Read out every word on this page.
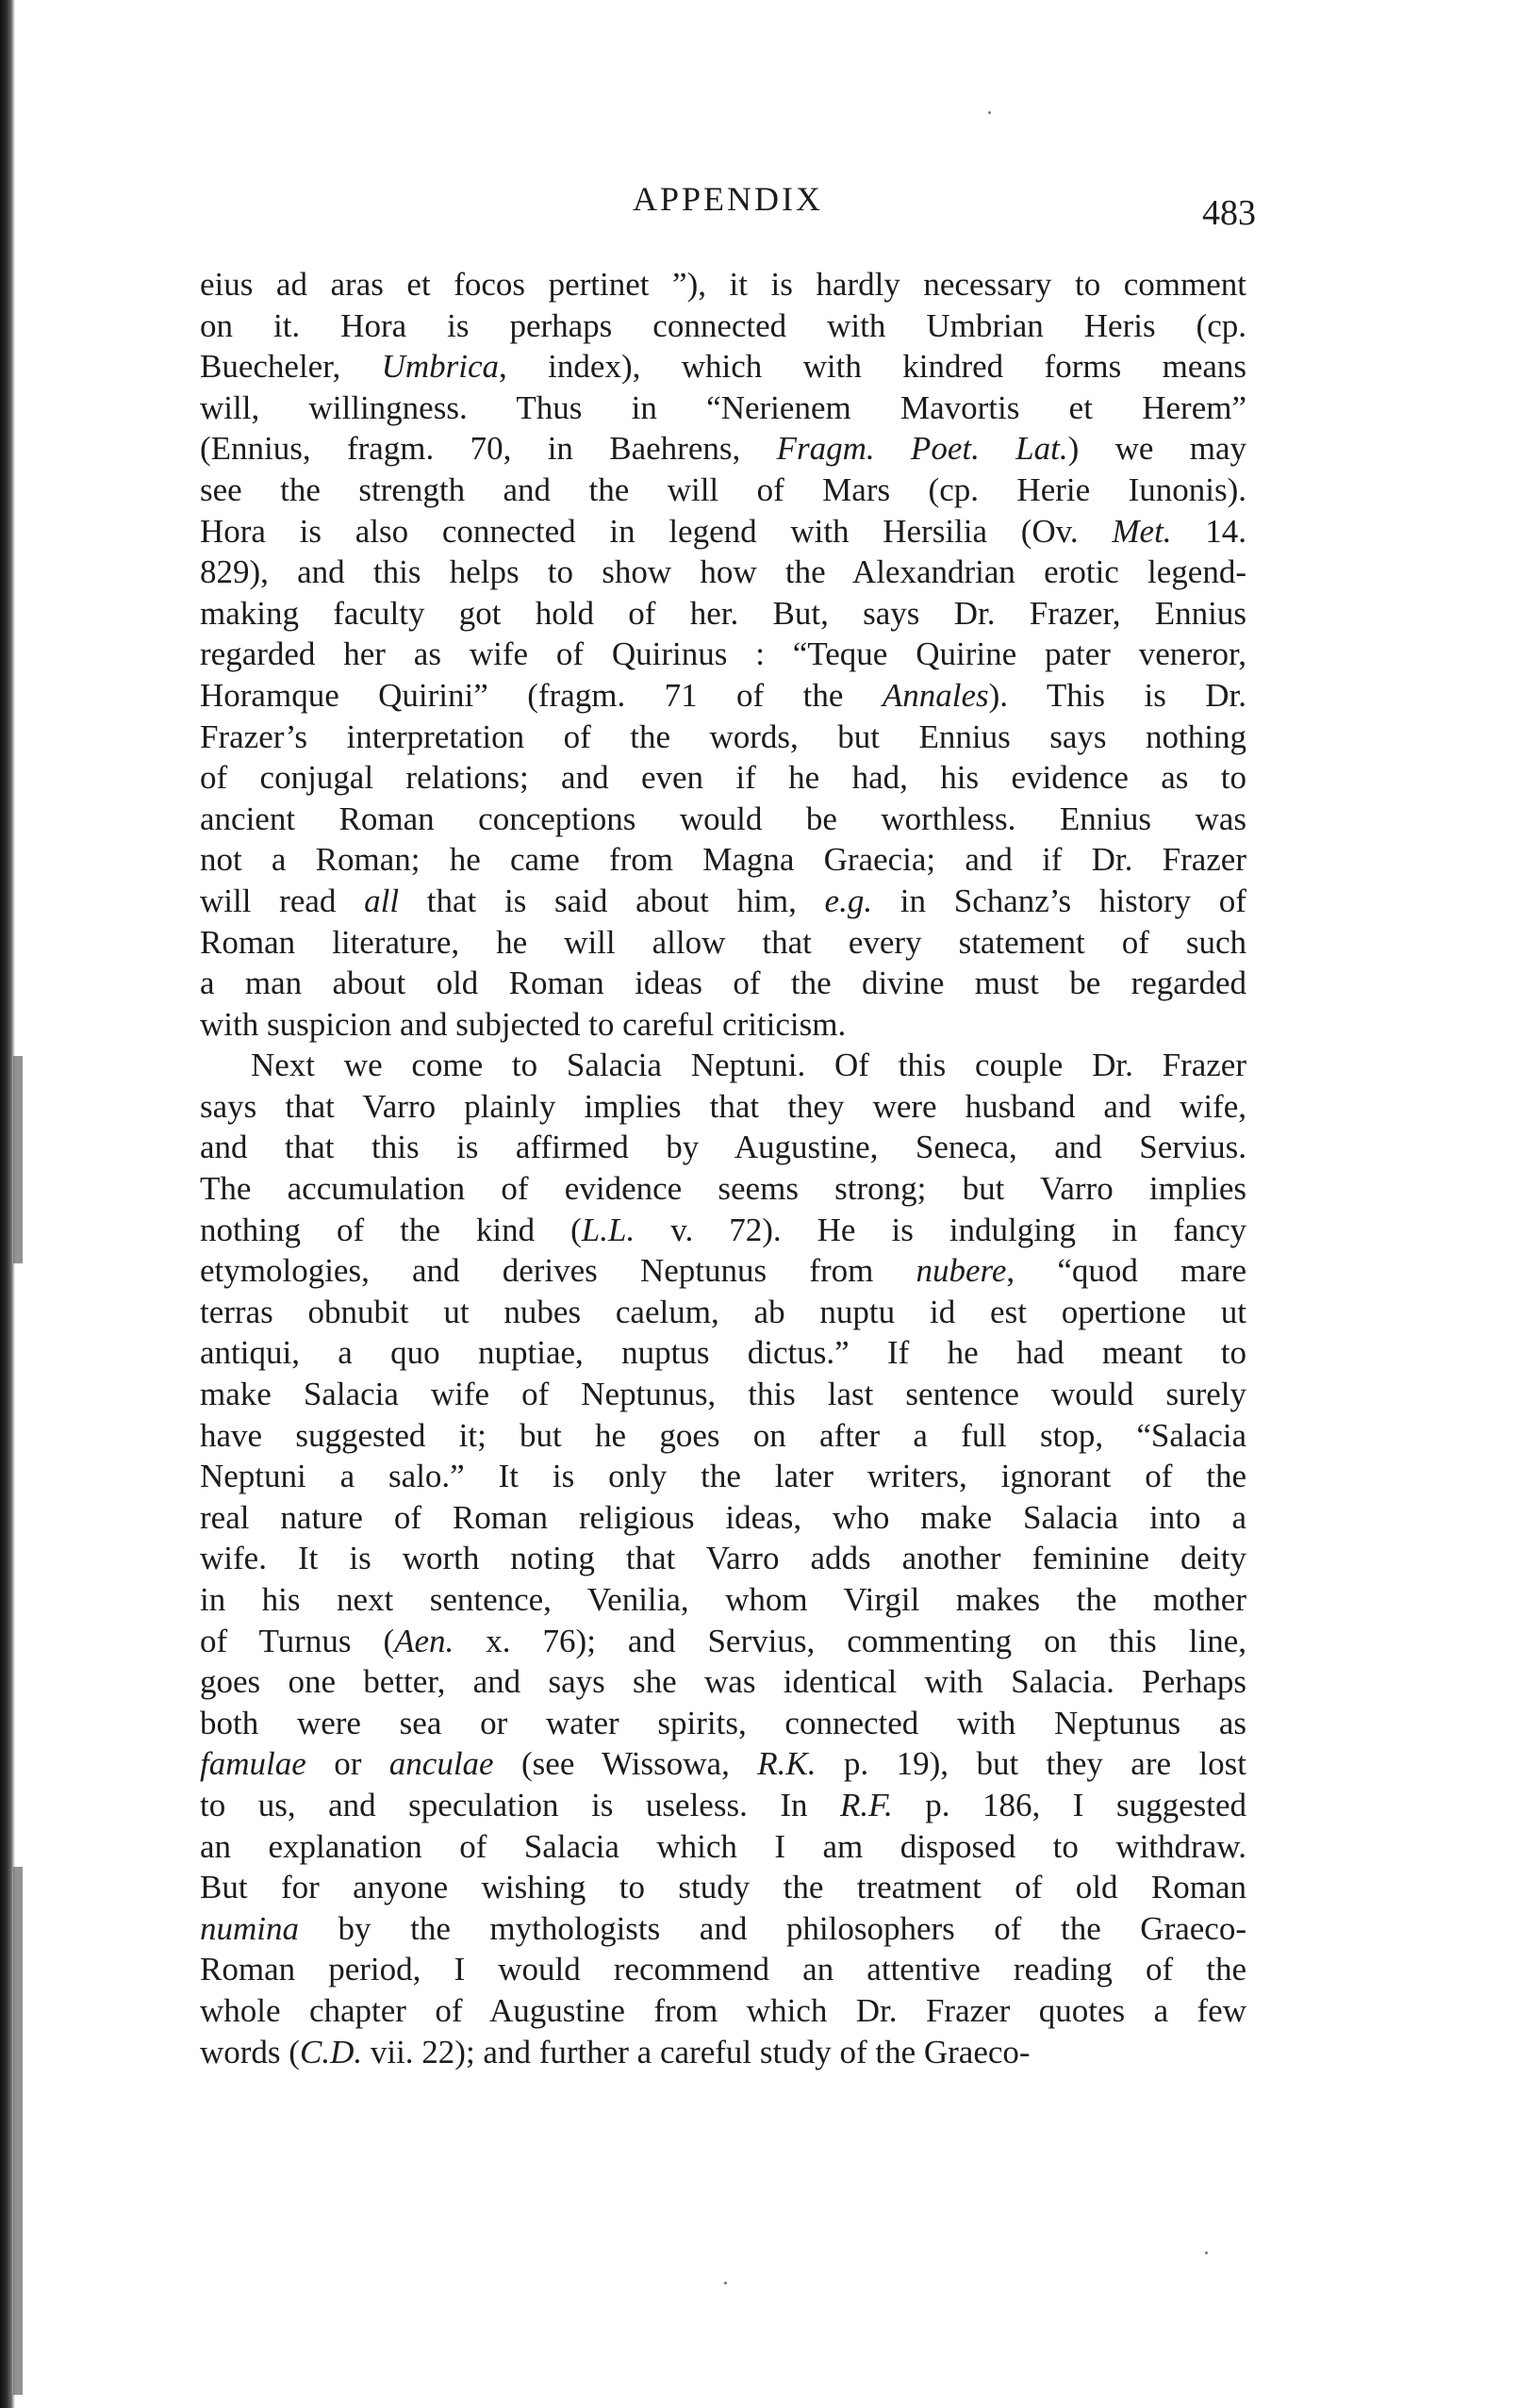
APPENDIX	483
eius ad aras et focos pertinet ”), it is hardly necessary to comment
on it. Hora is perhaps connected with Umbrian Heris (cp.
Buecheler, Umbrica, index), which with kindred forms means
will, willingness. Thus in “Nerienem Mavortis et Herem”
(Ennius, fragm. 70, in Baehrens, Fragm. Poet. Lat.) we may
see the strength and the will of Mars (cp. Herie Iunonis).
Hora is also connected in legend with Hersilia (Ov. Met. 14.
829), and this helps to show how the Alexandrian erotic legend-
making faculty got hold of her. But, says Dr. Frazer, Ennius
regarded her as wife of Quirinus : “Teque Quirine pater veneror,
Horamque Quirini” (fragm. 71 of the Annales). This is Dr.
Frazer’s interpretation of the words, but Ennius says nothing
of conjugal relations; and even if he had, his evidence as to
ancient Roman conceptions would be worthless. Ennius was
not a Roman; he came from Magna Graecia; and if Dr. Frazer
will read all that is said about him, e.g. in Schanz’s history of
Roman literature, he will allow that every statement of such
a man about old Roman ideas of the divine must be regarded
with suspicion and subjected to careful criticism.
Next we come to Salacia Neptuni. Of this couple Dr. Frazer
says that Varro plainly implies that they were husband and wife,
and that this is affirmed by Augustine, Seneca, and Servius.
The accumulation of evidence seems strong; but Varro implies
nothing of the kind (L.L. v. 72). He is indulging in fancy
etymologies, and derives Neptunus from nubere, “quod mare
terras obnubit ut nubes caelum, ab nuptu id est opertione ut
antiqui, a quo nuptiae, nuptus dictus.” If he had meant to
make Salacia wife of Neptunus, this last sentence would surely
have suggested it; but he goes on after a full stop, “Salacia
Neptuni a salo.” It is only the later writers, ignorant of the
real nature of Roman religious ideas, who make Salacia into a
wife. It is worth noting that Varro adds another feminine deity
in his next sentence, Venilia, whom Virgil makes the mother
of Turnus (Aen. x. 76); and Servius, commenting on this line,
goes one better, and says she was identical with Salacia. Perhaps
both were sea or water spirits, connected with Neptunus as
famulae or anculae (see Wissowa, R.K. p. 19), but they are lost
to us, and speculation is useless. In R.F. p. 186, I suggested
an explanation of Salacia which I am disposed to withdraw.
But for anyone wishing to study the treatment of old Roman
numina by the mythologists and philosophers of the Graeco-
Roman period, I would recommend an attentive reading of the
whole chapter of Augustine from which Dr. Frazer quotes a few
words (C.D. vii. 22); and further a careful study of the Graeco-
